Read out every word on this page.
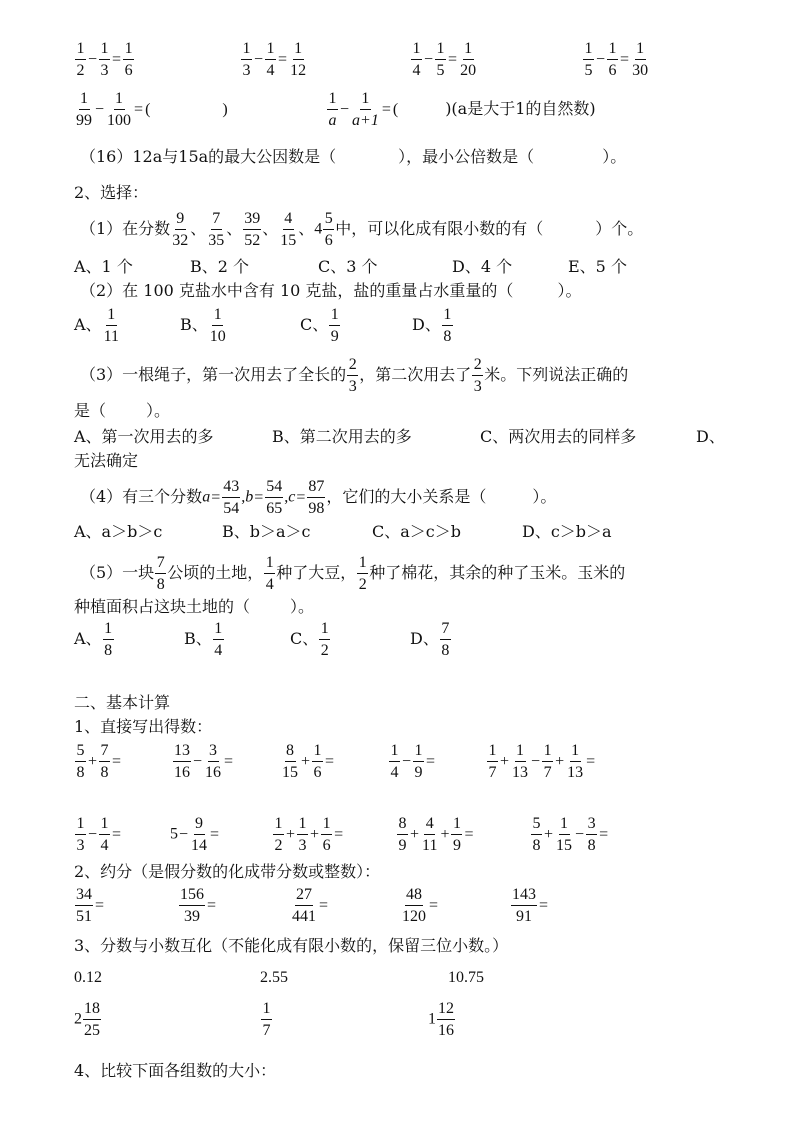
$\frac{1}{2} - \frac{1}{3} = \frac{1}{6}$	$\frac{1}{3} - \frac{1}{4} = \frac{1}{12}$	$\frac{1}{4} - \frac{1}{5} = \frac{1}{20}$	$\frac{1}{5} - \frac{1}{6} = \frac{1}{30}$
$\frac{1}{99} - \frac{1}{100}$ = (	)	$\frac{1}{a} - \frac{1}{a+1}$ = (	)(a是大于1的自然数)
（16）12a与15a的最大公因数是（	），最小公倍数是（	）。
2、选择：
（1）在分数 $\frac{9}{32}$ 、 $\frac{7}{35}$ 、 $\frac{39}{52}$ 、 $\frac{4}{15}$ 、$4 \frac{5}{6}$ 中，可以化成有限小数的有（	）个。
A、1 个	B、2 个	C、3 个	D、4 个	E、5 个
（2）在 100 克盐水中含有 10 克盐，盐的重量占水重量的（	）。
A、 $\frac{1}{11}$	B、 $\frac{1}{10}$	C、 $\frac{1}{9}$	D、 $\frac{1}{8}$
（3）一根绳子，第一次用去了全长的 $\frac{2}{3}$ ，第二次用去了 $\frac{2}{3}$ 米。下列说法正确的
是（	）。
A、第一次用去的多	B、第二次用去的多	C、两次用去的同样多	D、
无法确定
（4）有三个分数$a= \frac{43}{54} ,b= \frac{54}{65} ,c= \frac{87}{98}$ ，它们的大小关系是（	）。
A、a＞b＞c	B、b＞a＞c	C、a＞c＞b	D、c＞b＞a
（5）一块 $\frac{7}{8}$ 公顷的土地， $\frac{1}{4}$ 种了大豆， $\frac{1}{2}$ 种了棉花，其余的种了玉米。玉米的
种植面积占这块土地的（	）。
A、 $\frac{1}{8}$	B、 $\frac{1}{4}$	C、 $\frac{1}{2}$	D、 $\frac{7}{8}$
二、基本计算
1、直接写出得数：
$\frac{5}{8} + \frac{7}{8}$ =	$\frac{13}{16} - \frac{3}{16}$ =	$\frac{8}{15} + \frac{1}{6}$ =	$\frac{1}{4} - \frac{1}{9}$ =	$\frac{1}{7} + \frac{1}{13} - \frac{1}{7} + \frac{1}{13}$ =
$\frac{1}{3} - \frac{1}{4}$ =	$5- \frac{9}{14}$ =	$\frac{1}{2} + \frac{1}{3} + \frac{1}{6}$ =	$\frac{8}{9} + \frac{4}{11} + \frac{1}{9}$ =	$\frac{5}{8} + \frac{1}{15} - \frac{3}{8}$ =
2、约分（是假分数的化成带分数或整数）：
$\frac{34}{51}$ =	$\frac{156}{39}$ =	$\frac{27}{441}$ =	$\frac{48}{120}$ =	$\frac{143}{91}$ =
3、分数与小数互化（不能化成有限小数的，保留三位小数。）
0.12	2.55	10.75
$2 \frac{18}{25}$	$\frac{1}{7}$	$1 \frac{12}{16}$
4、比较下面各组数的大小：
